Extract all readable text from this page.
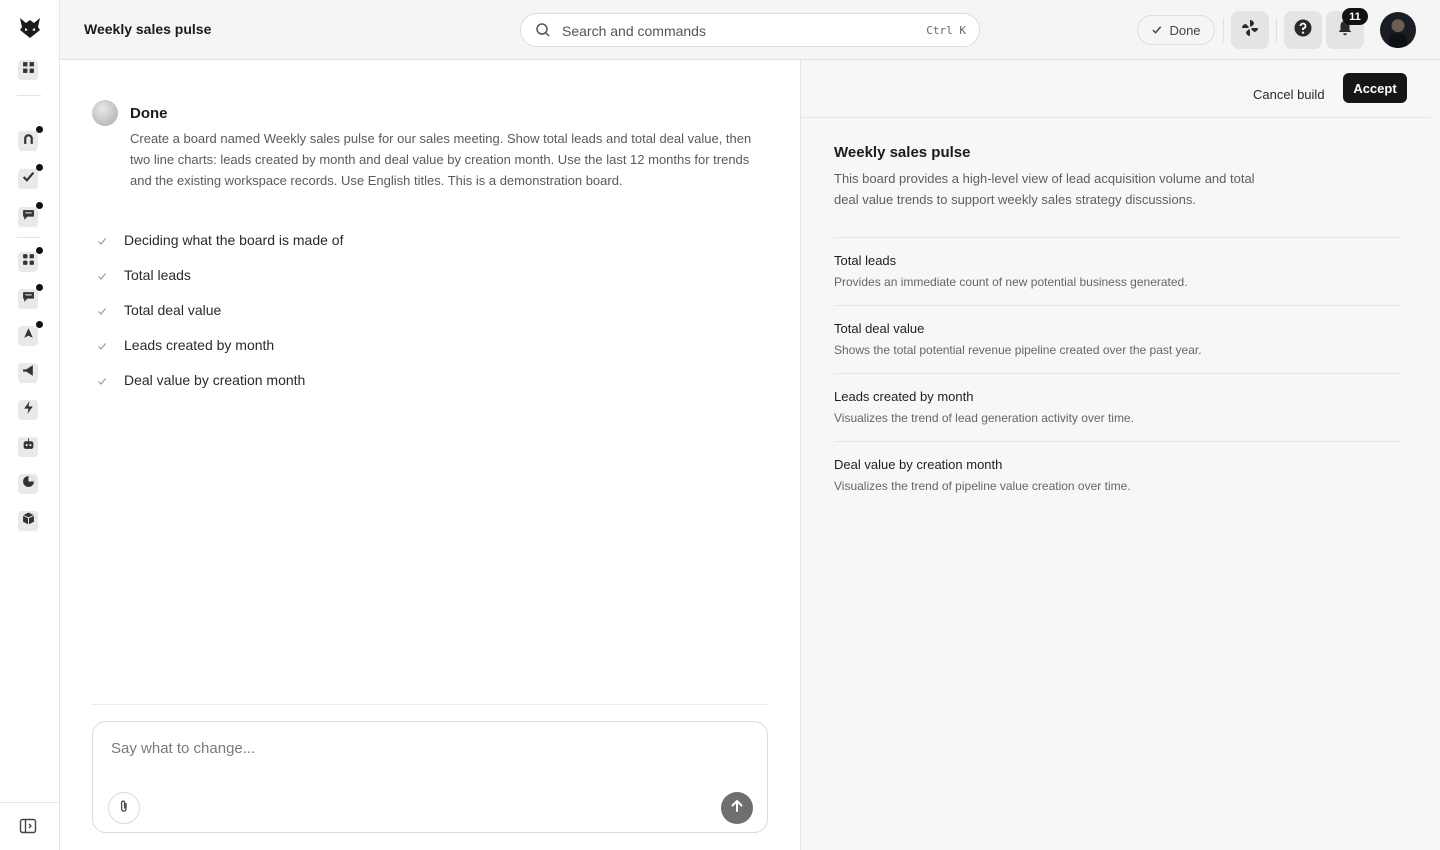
Weekly sales pulse	Search and commands	Ctrl K	Done
11
Done

Create a board named Weekly sales pulse for our sales meeting. Show total leads and total deal value, then two line charts: leads created by month and deal value by creation month. Use the last 12 months for trends and the existing workspace records. Use English titles. This is a demonstration board.

Deciding what the board is made of
Total leads
Total deal value
Leads created by month
Deal value by creation month
Say what to change...
Cancel build	Accept
Weekly sales pulse

This board provides a high-level view of lead acquisition volume and total deal value trends to support weekly sales strategy discussions.

Total leads
Provides an immediate count of new potential business generated.
Total deal value
Shows the total potential revenue pipeline created over the past year.
Leads created by month
Visualizes the trend of lead generation activity over time.
Deal value by creation month
Visualizes the trend of pipeline value creation over time.
